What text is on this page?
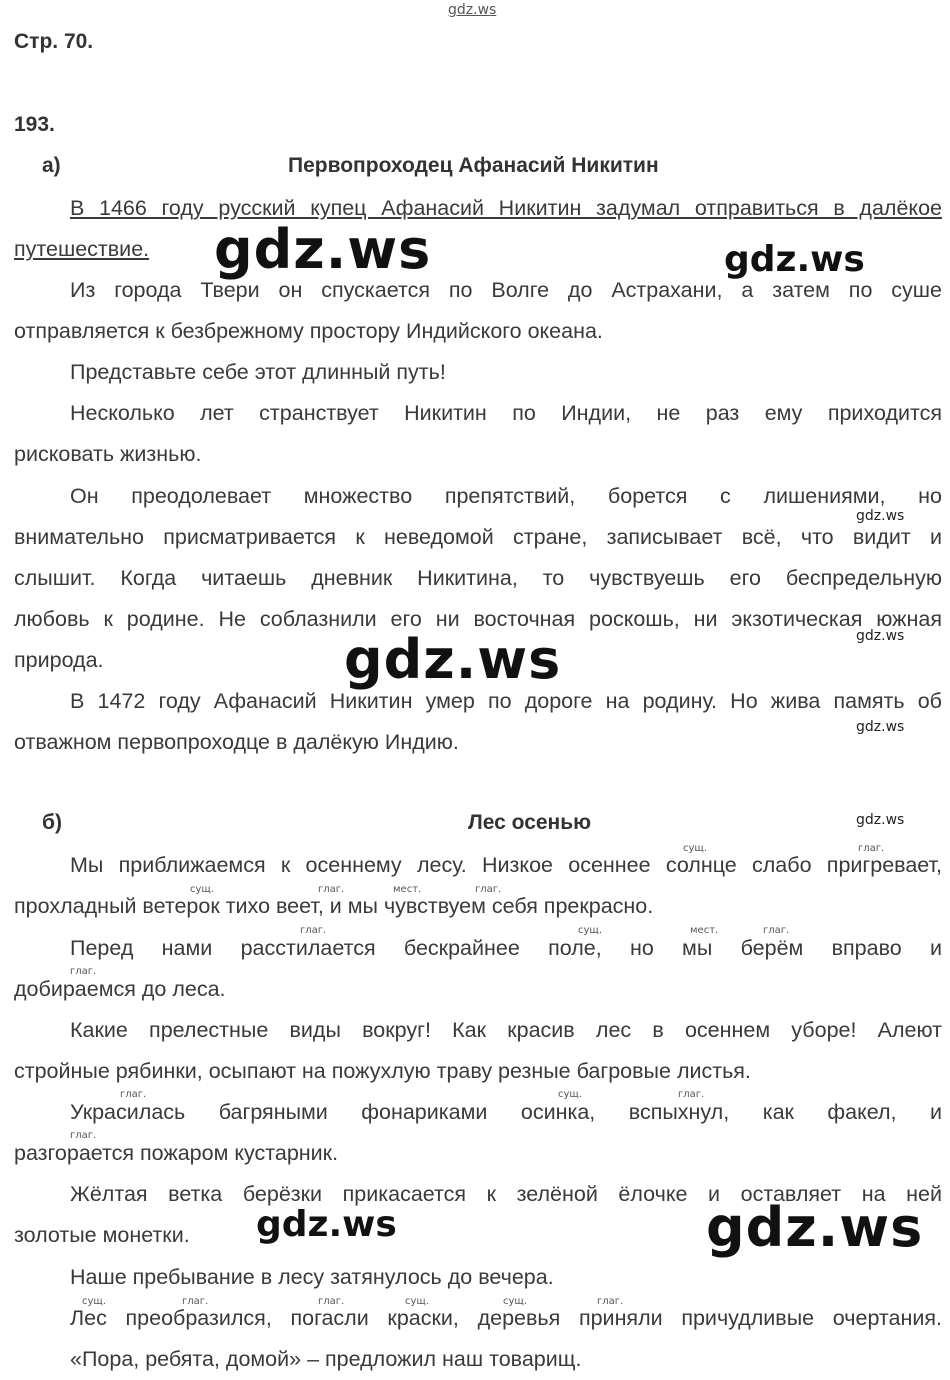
gdz.ws
Стр. 70.
193.
а)	Первопроходец Афанасий Никитин
В 1466 году русский купец Афанасий Никитин задумал отправиться в далёкое
путешествие.
Из города Твери он спускается по Волге до Астрахани, а затем по суше
отправляется к безбрежному простору Индийского океана.
Представьте себе этот длинный путь!
Несколько лет странствует Никитин по Индии, не раз ему приходится
рисковать жизнью.
Он преодолевает множество препятствий, борется с лишениями, но
внимательно присматривается к неведомой стране, записывает всё, что видит и
слышит. Когда читаешь дневник Никитина, то чувствуешь его беспредельную
любовь к родине. Не соблазнили его ни восточная роскошь, ни экзотическая южная
природа.
В 1472 году Афанасий Никитин умер по дороге на родину. Но жива память об
отважном первопроходце в далёкую Индию.
б)	Лес осенью
Мы приближаемся к осеннему лесу. Низкое осеннее солнце слабо пригревает,
прохладный ветерок тихо веет, и мы чувствуем себя прекрасно.
Перед нами расстилается бескрайнее поле, но мы берём вправо и
добираемся до леса.
Какие прелестные виды вокруг! Как красив лес в осеннем уборе! Алеют
стройные рябинки, осыпают на пожухлую траву резные багровые листья.
Украсилась багряными фонариками осинка, вспыхнул, как факел, и
разгорается пожаром кустарник.
Жёлтая ветка берёзки прикасается к зелёной ёлочке и оставляет на ней
золотые монетки.
Наше пребывание в лесу затянулось до вечера.
Лес преобразился, погасли краски, деревья приняли причудливые очертания.
«Пора, ребята, домой» – предложил наш товарищ.
сущ.	глаг.
сущ.	глаг.	мест.	глаг.
глаг.	сущ.	мест.	глаг.
глаг.
глаг.	сущ.	глаг.
глаг.
сущ.	глаг.	глаг.	сущ.	сущ.	глаг.
gdz.ws	gdz.ws
gdz.ws
gdz.ws
gdz.ws
gdz.ws
gdz.ws
gdz.ws	gdz.ws
